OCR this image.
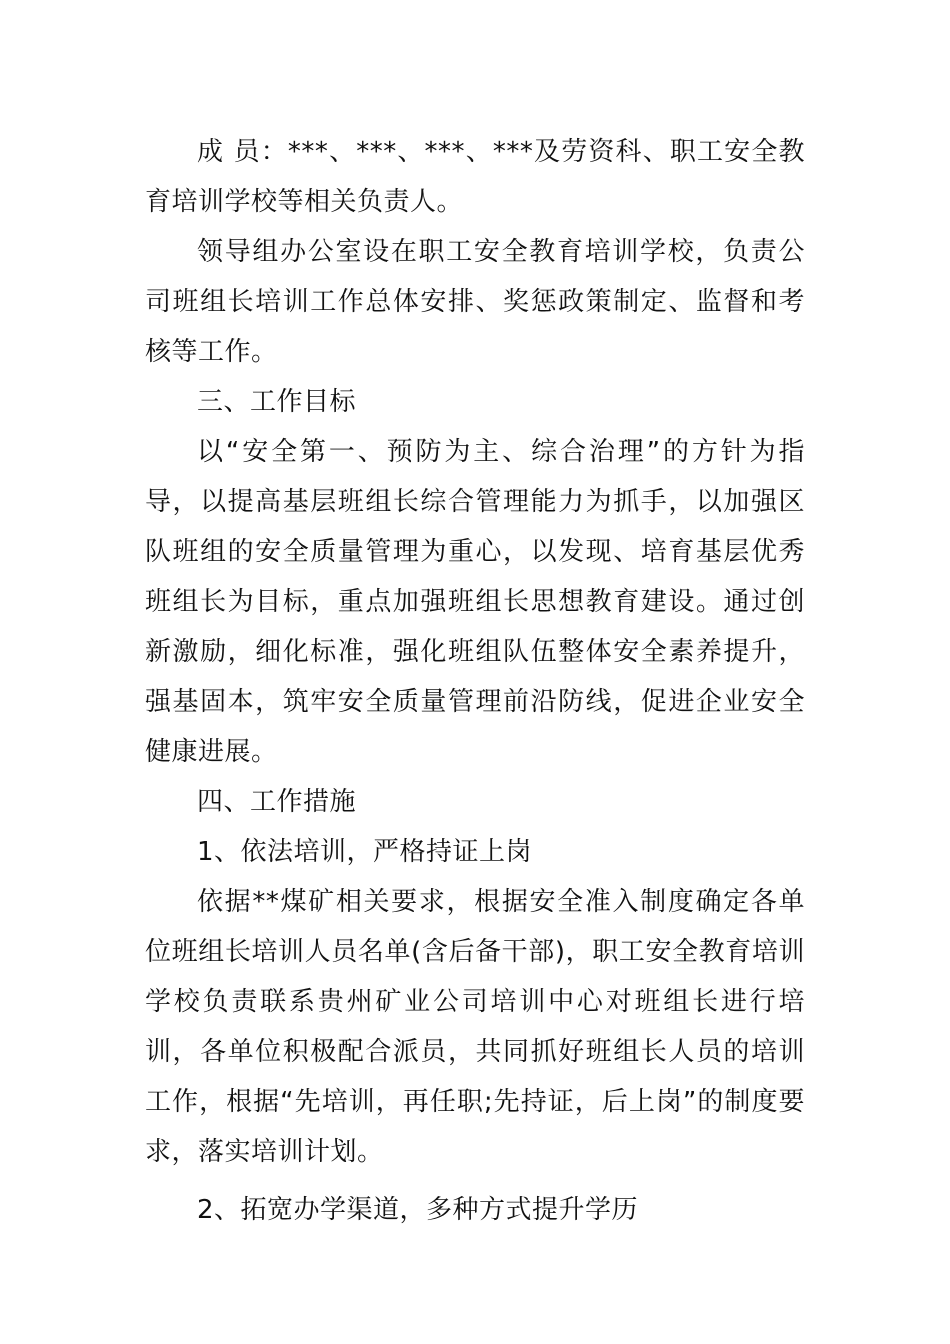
成 员：***、***、***、***及劳资科、职工安全教育培训学校等相关负责人。

领导组办公室设在职工安全教育培训学校，负责公司班组长培训工作总体安排、奖惩政策制定、监督和考核等工作。

三、工作目标

以“安全第一、预防为主、综合治理”的方针为指导，以提高基层班组长综合管理能力为抓手，以加强区队班组的安全质量管理为重心，以发现、培育基层优秀班组长为目标，重点加强班组长思想教育建设。通过创新激励，细化标准，强化班组队伍整体安全素养提升，强基固本，筑牢安全质量管理前沿防线，促进企业安全健康进展。

四、工作措施

1、依法培训，严格持证上岗

依据**煤矿相关要求，根据安全准入制度确定各单位班组长培训人员名单(含后备干部)，职工安全教育培训学校负责联系贵州矿业公司培训中心对班组长进行培训，各单位积极配合派员，共同抓好班组长人员的培训工作，根据“先培训，再任职;先持证，后上岗”的制度要求，落实培训计划。

2、拓宽办学渠道，多种方式提升学历
